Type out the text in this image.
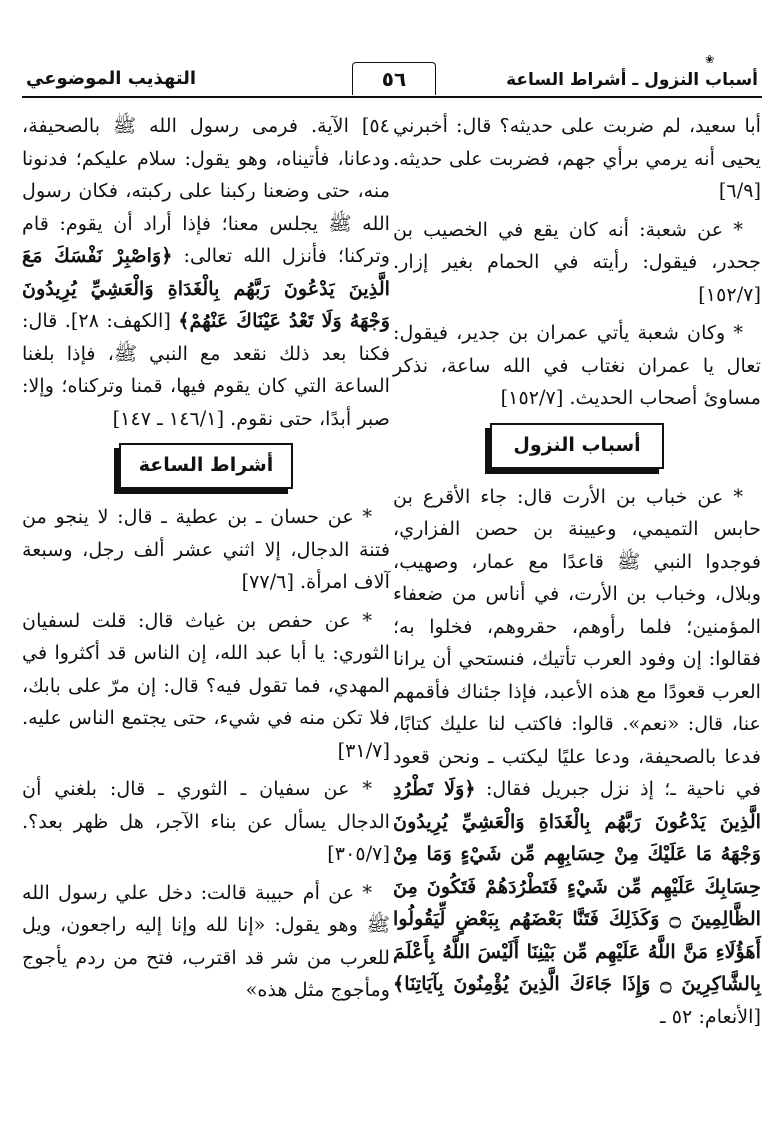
أسباب النزول ـ أشراط الساعة
❀
٥٦
التهذيب الموضوعي

أبا سعيد، لم ضربت على حديثه؟ قال: أخبرني يحيى أنه يرمي برأي جهم، فضربت على حديثه. [٦/٩]

* عن شعبة: أنه كان يقع في الخصيب بن جحدر، فيقول: رأيته في الحمام بغير إزار. [١٥٢/٧]

* وكان شعبة يأتي عمران بن جدير، فيقول: تعال يا عمران نغتاب في الله ساعة، نذكر مساوئ أصحاب الحديث. [١٥٢/٧]

أسباب النزول

* عن خباب بن الأرت قال: جاء الأقرع بن حابس التميمي، وعيينة بن حصن الفزاري، فوجدوا النبي ﷺ قاعدًا مع عمار، وصهيب، وبلال، وخباب بن الأرت، في أناس من ضعفاء المؤمنين؛ فلما رأوهم، حقروهم، فخلوا به؛ فقالوا: إن وفود العرب تأتيك، فنستحي أن يرانا العرب قعودًا مع هذه الأعبد، فإذا جئناك فأقمهم عنا، قال: «نعم». قالوا: فاكتب لنا عليك كتابًا، فدعا بالصحيفة، ودعا عليًا ليكتب ـ ونحن قعود في ناحية ـ؛ إذ نزل جبريل فقال: ﴿وَلَا تَطْرُدِ الَّذِينَ يَدْعُونَ رَبَّهُم بِالْغَدَاةِ وَالْعَشِيِّ يُرِيدُونَ وَجْهَهُ مَا عَلَيْكَ مِنْ حِسَابِهِم مِّن شَيْءٍ وَمَا مِنْ حِسَابِكَ عَلَيْهِم مِّن شَيْءٍ فَتَطْرُدَهُمْ فَتَكُونَ مِنَ الظَّالِمِينَ ۝ وَكَذَلِكَ فَتَنَّا بَعْضَهُم بِبَعْضٍ لِّيَقُولُوا أَهَؤُلَاءِ مَنَّ اللَّهُ عَلَيْهِم مِّن بَيْنِنَا أَلَيْسَ اللَّهُ بِأَعْلَمَ بِالشَّاكِرِينَ ۝ وَإِذَا جَاءَكَ الَّذِينَ يُؤْمِنُونَ بِآيَاتِنَا﴾ [الأنعام: ٥٢ ـ

٥٤] الآية. فرمى رسول الله ﷺ بالصحيفة، ودعانا، فأتيناه، وهو يقول: سلام عليكم؛ فدنونا منه، حتى وضعنا ركبنا على ركبته، فكان رسول الله ﷺ يجلس معنا؛ فإذا أراد أن يقوم: قام وتركنا؛ فأنزل الله تعالى: ﴿وَاصْبِرْ نَفْسَكَ مَعَ الَّذِينَ يَدْعُونَ رَبَّهُم بِالْغَدَاةِ وَالْعَشِيِّ يُرِيدُونَ وَجْهَهُ وَلَا تَعْدُ عَيْنَاكَ عَنْهُمْ﴾ [الكهف: ٢٨]. قال: فكنا بعد ذلك نقعد مع النبي ﷺ، فإذا بلغنا الساعة التي كان يقوم فيها، قمنا وتركناه؛ وإلا: صبر أبدًا، حتى نقوم. [١٤٦/١ ـ ١٤٧]

أشراط الساعة

* عن حسان ـ بن عطية ـ قال: لا ينجو من فتنة الدجال، إلا اثني عشر ألف رجل، وسبعة آلاف امرأة. [٧٧/٦]

* عن حفص بن غياث قال: قلت لسفيان الثوري: يا أبا عبد الله، إن الناس قد أكثروا في المهدي، فما تقول فيه؟ قال: إن مرّ على بابك، فلا تكن منه في شيء، حتى يجتمع الناس عليه. [٣١/٧]

* عن سفيان ـ الثوري ـ قال: بلغني أن الدجال يسأل عن بناء الآجر، هل ظهر بعد؟. [٣٠٥/٧]

* عن أم حبيبة قالت: دخل علي رسول الله ﷺ وهو يقول: «إنا لله وإنا إليه راجعون، ويل للعرب من شر قد اقترب، فتح من ردم يأجوج ومأجوج مثل هذه»
